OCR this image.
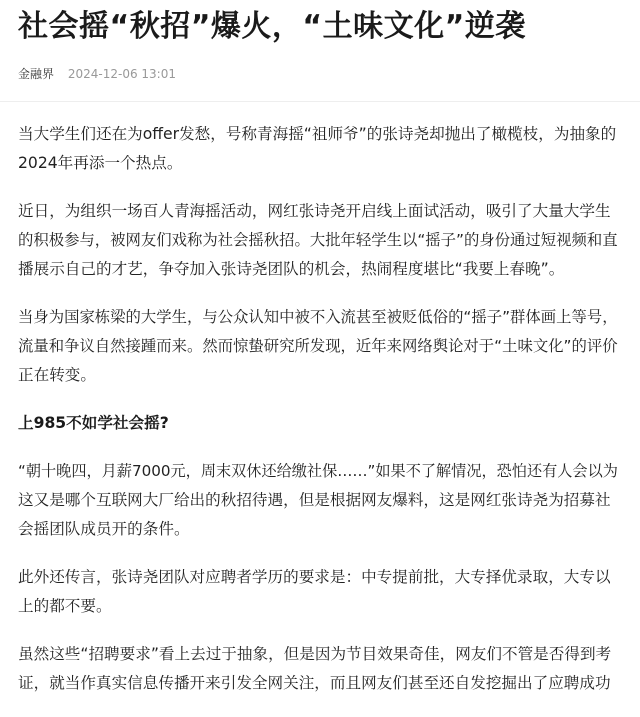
社会摇“秋招”爆火，“土味文化”逆袭
金融界 2024-12-06 13:01

当大学生们还在为offer发愁，号称青海摇“祖师爷”的张诗尧却抛出了橄榄枝，为抽象的
2024年再添一个热点。

近日，为组织一场百人青海摇活动，网红张诗尧开启线上面试活动，吸引了大量大学生
的积极参与，被网友们戏称为社会摇秋招。大批年轻学生以“摇子”的身份通过短视频和直
播展示自己的才艺，争夺加入张诗尧团队的机会，热闹程度堪比“我要上春晚”。

当身为国家栋梁的大学生，与公众认知中被不入流甚至被贬低俗的“摇子”群体画上等号，
流量和争议自然接踵而来。然而惊蛰研究所发现，近年来网络舆论对于“土味文化”的评价
正在转变。

上985不如学社会摇?

“朝十晚四，月薪7000元，周末双休还给缴社保……”如果不了解情况，恐怕还有人会以为
这又是哪个互联网大厂给出的秋招待遇，但是根据网友爆料，这是网红张诗尧为招募社
会摇团队成员开的条件。

此外还传言，张诗尧团队对应聘者学历的要求是：中专提前批，大专择优录取，大专以
上的都不要。

虽然这些“招聘要求”看上去过于抽象，但是因为节目效果奇佳，网友们不管是否得到考
证，就当作真实信息传播开来引发全网关注，而且网友们甚至还自发挖掘出了应聘成功
